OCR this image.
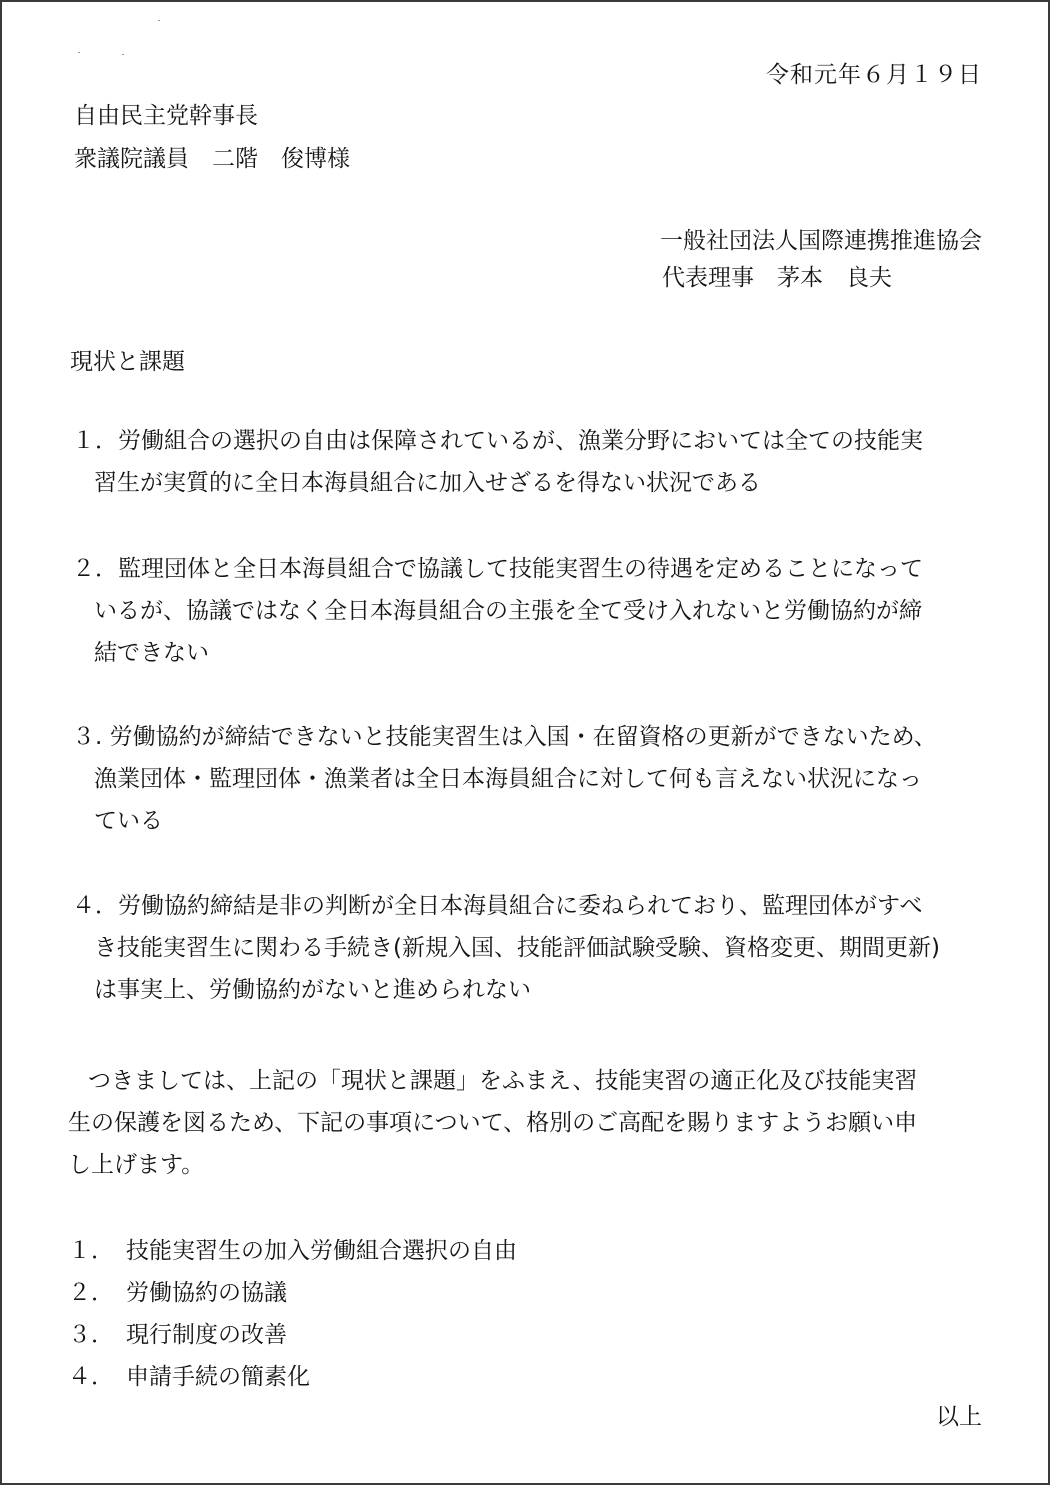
令和元年６月１９日
自由民主党幹事長
衆議院議員　二階　俊博様
一般社団法人国際連携推進協会
代表理事　茅本　良夫
現状と課題
１．労働組合の選択の自由は保障されているが、漁業分野においては全ての技能実
習生が実質的に全日本海員組合に加入せざるを得ない状況である
２．監理団体と全日本海員組合で協議して技能実習生の待遇を定めることになって
いるが、協議ではなく全日本海員組合の主張を全て受け入れないと労働協約が締
結できない
３. 労働協約が締結できないと技能実習生は入国・在留資格の更新ができないため、
漁業団体・監理団体・漁業者は全日本海員組合に対して何も言えない状況になっ
ている
４．労働協約締結是非の判断が全日本海員組合に委ねられており、監理団体がすべ
き技能実習生に関わる手続き(新規入国、技能評価試験受験、資格変更、期間更新)
は事実上、労働協約がないと進められない
つきましては、上記の「現状と課題」をふまえ、技能実習の適正化及び技能実習
生の保護を図るため、下記の事項について、格別のご高配を賜りますようお願い申
し上げます。
１． 技能実習生の加入労働組合選択の自由
２． 労働協約の協議
３． 現行制度の改善
４． 申請手続の簡素化
以上
